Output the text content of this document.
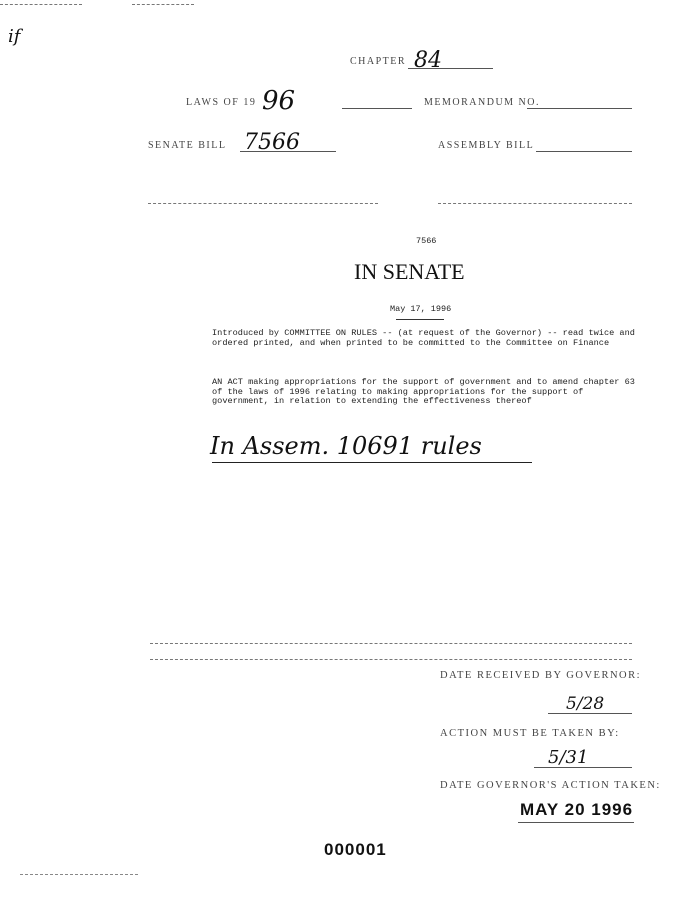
if
CHAPTER 84
LAWS OF 19 96	MEMORANDUM NO.
SENATE BILL 7566	ASSEMBLY BILL
7566
IN SENATE
May 17, 1996
Introduced by COMMITTEE ON RULES -- (at request of the Governor) -- read twice and ordered printed, and when printed to be committed to the Committee on Finance
AN ACT making appropriations for the support of government and to amend chapter 63 of the laws of 1996 relating to making appropriations for the support of government, in relation to extending the effectiveness thereof
In Assem. 10691 rules
DATE RECEIVED BY GOVERNOR:
5/28
ACTION MUST BE TAKEN BY:
5/31
DATE GOVERNOR'S ACTION TAKEN:
MAY 20 1996
000001
